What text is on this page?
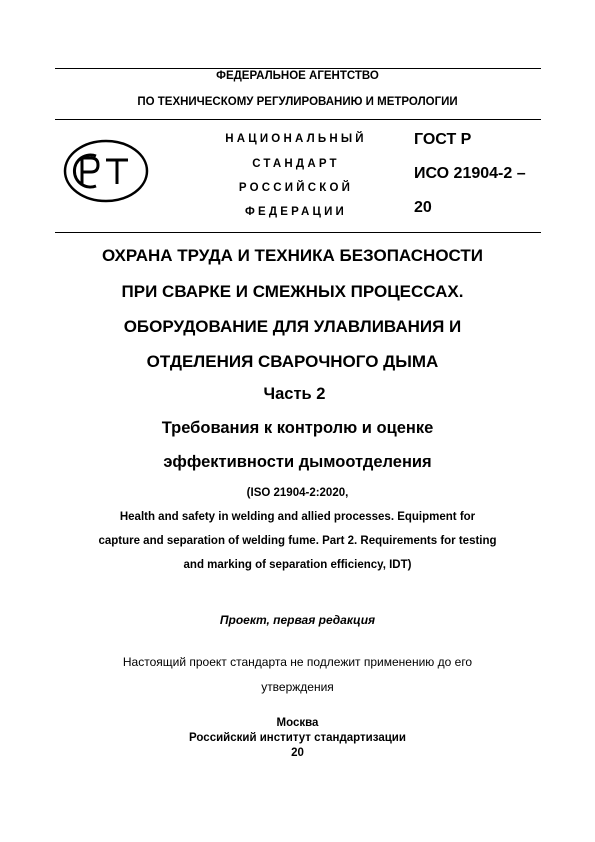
ФЕДЕРАЛЬНОЕ АГЕНТСТВО
ПО ТЕХНИЧЕСКОМУ РЕГУЛИРОВАНИЮ И МЕТРОЛОГИИ
НАЦИОНАЛЬНЫЙ
СТАНДАРТ
РОССИЙСКОЙ
ФЕДЕРАЦИИ
ГОСТ Р
ИСО 21904-2 –
20
ОХРАНА ТРУДА И ТЕХНИКА БЕЗОПАСНОСТИ
ПРИ СВАРКЕ И СМЕЖНЫХ ПРОЦЕССАХ.
ОБОРУДОВАНИЕ ДЛЯ УЛАВЛИВАНИЯ И
ОТДЕЛЕНИЯ СВАРОЧНОГО ДЫМА
Часть 2
Требования к контролю и оценке
эффективности дымоотделения
(ISO 21904-2:2020,
Health and safety in welding and allied processes. Equipment for
capture and separation of welding fume. Part 2. Requirements for testing
and marking of separation efficiency, IDT)
Проект, первая редакция
Настоящий проект стандарта не подлежит применению до его
утверждения
Москва
Российский институт стандартизации
20
